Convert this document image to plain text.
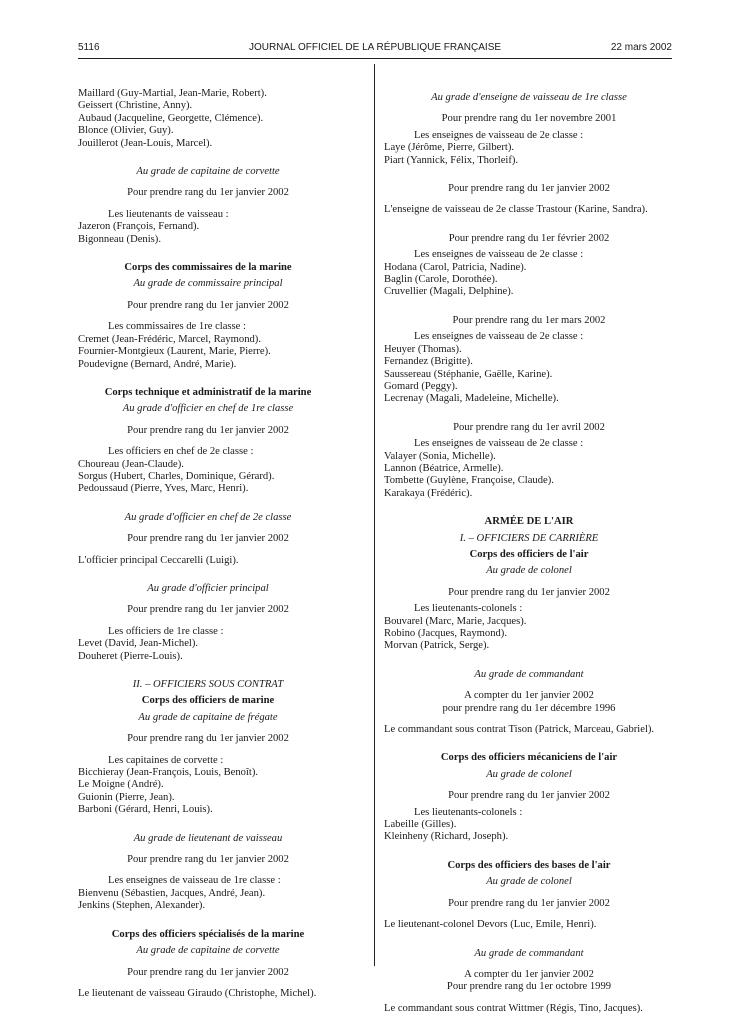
5116	JOURNAL OFFICIEL DE LA RÉPUBLIQUE FRANÇAISE	22 mars 2002
Maillard (Guy-Martial, Jean-Marie, Robert).
Geissert (Christine, Anny).
Aubaud (Jacqueline, Georgette, Clémence).
Blonce (Olivier, Guy).
Jouillerot (Jean-Louis, Marcel).
Au grade de capitaine de corvette
Pour prendre rang du 1er janvier 2002
Les lieutenants de vaisseau :
Jazeron (François, Fernand).
Bigonneau (Denis).
Corps des commissaires de la marine
Au grade de commissaire principal
Pour prendre rang du 1er janvier 2002
Les commissaires de 1re classe :
Cremet (Jean-Frédéric, Marcel, Raymond).
Fournier-Montgieux (Laurent, Marie, Pierre).
Poudevigne (Bernard, André, Marie).
Corps technique et administratif de la marine
Au grade d'officier en chef de 1re classe
Pour prendre rang du 1er janvier 2002
Les officiers en chef de 2e classe :
Choureau (Jean-Claude).
Sorgus (Hubert, Charles, Dominique, Gérard).
Pedoussaud (Pierre, Yves, Marc, Henri).
Au grade d'officier en chef de 2e classe
Pour prendre rang du 1er janvier 2002
L'officier principal Ceccarelli (Luigi).
Au grade d'officier principal
Pour prendre rang du 1er janvier 2002
Les officiers de 1re classe :
Levet (David, Jean-Michel).
Douheret (Pierre-Louis).
II. – OFFICIERS SOUS CONTRAT
Corps des officiers de marine
Au grade de capitaine de frégate
Pour prendre rang du 1er janvier 2002
Les capitaines de corvette :
Bicchieray (Jean-François, Louis, Benoît).
Le Moigne (André).
Guionin (Pierre, Jean).
Barboni (Gérard, Henri, Louis).
Au grade de lieutenant de vaisseau
Pour prendre rang du 1er janvier 2002
Les enseignes de vaisseau de 1re classe :
Bienvenu (Sébastien, Jacques, André, Jean).
Jenkins (Stephen, Alexander).
Corps des officiers spécialisés de la marine
Au grade de capitaine de corvette
Pour prendre rang du 1er janvier 2002
Le lieutenant de vaisseau Giraudo (Christophe, Michel).
Au grade d'enseigne de vaisseau de 1re classe
Pour prendre rang du 1er novembre 2001
Les enseignes de vaisseau de 2e classe :
Laye (Jérôme, Pierre, Gilbert).
Piart (Yannick, Félix, Thorleif).
Pour prendre rang du 1er janvier 2002
L'enseigne de vaisseau de 2e classe Trastour (Karine, Sandra).
Pour prendre rang du 1er février 2002
Les enseignes de vaisseau de 2e classe :
Hodana (Carol, Patricia, Nadine).
Baglin (Carole, Dorothée).
Cruvellier (Magali, Delphine).
Pour prendre rang du 1er mars 2002
Les enseignes de vaisseau de 2e classe :
Heuyer (Thomas).
Fernandez (Brigitte).
Saussereau (Stéphanie, Gaëlle, Karine).
Gomard (Peggy).
Lecrenay (Magali, Madeleine, Michelle).
Pour prendre rang du 1er avril 2002
Les enseignes de vaisseau de 2e classe :
Valayer (Sonia, Michelle).
Lannon (Béatrice, Armelle).
Tombette (Guylène, Françoise, Claude).
Karakaya (Frédéric).
ARMÉE DE L'AIR
I. – OFFICIERS DE CARRIÈRE
Corps des officiers de l'air
Au grade de colonel
Pour prendre rang du 1er janvier 2002
Les lieutenants-colonels :
Bouvarel (Marc, Marie, Jacques).
Robino (Jacques, Raymond).
Morvan (Patrick, Serge).
Au grade de commandant
A compter du 1er janvier 2002
pour prendre rang du 1er décembre 1996
Le commandant sous contrat Tison (Patrick, Marceau, Gabriel).
Corps des officiers mécaniciens de l'air
Au grade de colonel
Pour prendre rang du 1er janvier 2002
Les lieutenants-colonels :
Labeille (Gilles).
Kleinheny (Richard, Joseph).
Corps des officiers des bases de l'air
Au grade de colonel
Pour prendre rang du 1er janvier 2002
Le lieutenant-colonel Devors (Luc, Emile, Henri).
Au grade de commandant
A compter du 1er janvier 2002
Pour prendre rang du 1er octobre 1999
Le commandant sous contrat Wittmer (Régis, Tino, Jacques).
